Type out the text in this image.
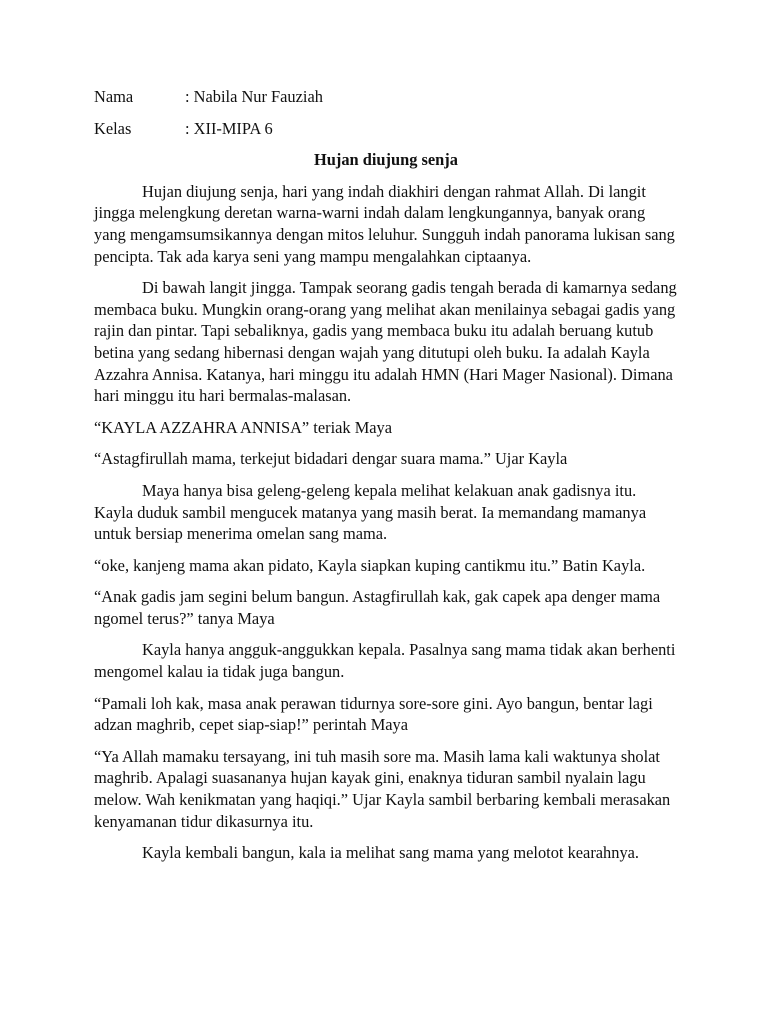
Nama	: Nabila Nur Fauziah
Kelas	: XII-MIPA 6
Hujan diujung senja

Hujan diujung senja, hari yang indah diakhiri dengan rahmat Allah. Di langit jingga melengkung deretan warna-warni indah dalam lengkungannya, banyak orang yang mengamsumsikannya dengan mitos leluhur. Sungguh indah panorama lukisan sang pencipta. Tak ada karya seni yang mampu mengalahkan ciptaanya.

Di bawah langit jingga. Tampak seorang gadis tengah berada di kamarnya sedang membaca buku. Mungkin orang-orang yang melihat akan menilainya sebagai gadis yang rajin dan pintar. Tapi sebaliknya, gadis yang membaca buku itu adalah beruang kutub betina yang sedang hibernasi dengan wajah yang ditutupi oleh buku. Ia adalah Kayla Azzahra Annisa. Katanya, hari minggu itu adalah HMN (Hari Mager Nasional). Dimana hari minggu itu hari bermalas-malasan.

“KAYLA AZZAHRA ANNISA” teriak Maya

“Astagfirullah mama, terkejut bidadari dengar suara mama.” Ujar Kayla

Maya hanya bisa geleng-geleng kepala melihat kelakuan anak gadisnya itu. Kayla duduk sambil mengucek matanya yang masih berat. Ia memandang mamanya untuk bersiap menerima omelan sang mama.

“oke, kanjeng mama akan pidato, Kayla siapkan kuping cantikmu itu.” Batin Kayla.

“Anak gadis jam segini belum bangun. Astagfirullah kak, gak capek apa denger mama ngomel terus?” tanya Maya

Kayla hanya angguk-anggukkan kepala. Pasalnya sang mama tidak akan berhenti mengomel kalau ia tidak juga bangun.

“Pamali loh kak, masa anak perawan tidurnya sore-sore gini. Ayo bangun, bentar lagi adzan maghrib, cepet siap-siap!” perintah Maya

“Ya Allah mamaku tersayang, ini tuh masih sore ma. Masih lama kali waktunya sholat maghrib. Apalagi suasananya hujan kayak gini, enaknya tiduran sambil nyalain lagu melow. Wah kenikmatan yang haqiqi.” Ujar Kayla sambil berbaring kembali merasakan kenyamanan tidur dikasurnya itu.

Kayla kembali bangun, kala ia melihat sang mama yang melotot kearahnya.
